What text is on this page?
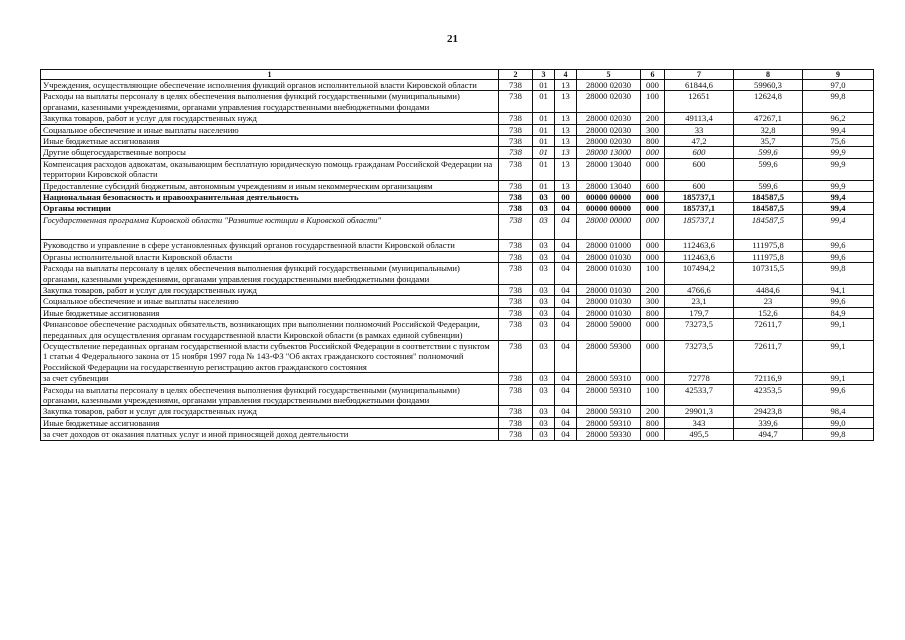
21
1	2	3	4	5	6	7	8	9
Учреждения, осуществляющие обеспечение исполнения функций органов исполнительной власти Кировской области	738	01	13	28000 02030	000	61844,6	59960,3	97,0
Расходы на выплаты персоналу в целях обеспечения выполнения функций государственными (муниципальными) органами, казенными учреждениями, органами управления государственными внебюджетными фондами	738	01	13	28000 02030	100	12651	12624,8	99,8
Закупка товаров, работ и услуг для государственных нужд	738	01	13	28000 02030	200	49113,4	47267,1	96,2
Социальное обеспечение и иные выплаты населению	738	01	13	28000 02030	300	33	32,8	99,4
Иные бюджетные ассигнования	738	01	13	28000 02030	800	47,2	35,7	75,6
Другие общегосударственные вопросы	738	01	13	28000 13000	000	600	599,6	99,9
Компенсация расходов адвокатам, оказывающим бесплатную юридическую помощь гражданам Российской Федерации на территории Кировской области	738	01	13	28000 13040	000	600	599,6	99,9
Предоставление субсидий бюджетным, автономным учреждениям и иным некоммерческим организациям	738	01	13	28000 13040	600	600	599,6	99,9
Национальная безопасность и правоохранительная деятельность	738	03	00	00000 00000	000	185737,1	184587,5	99,4
Органы юстиции	738	03	04	00000 00000	000	185737,1	184587,5	99,4
Государственная программа Кировской области "Развитие юстиции в Кировской области"	738	03	04	28000 00000	000	185737,1	184587,5	99,4
Руководство и управление в сфере установленных функций органов государственной власти Кировской области	738	03	04	28000 01000	000	112463,6	111975,8	99,6
Органы исполнительной власти Кировской области	738	03	04	28000 01030	000	112463,6	111975,8	99,6
Расходы на выплаты персоналу в целях обеспечения выполнения функций государственными (муниципальными) органами, казенными учреждениями, органами управления государственными внебюджетными фондами	738	03	04	28000 01030	100	107494,2	107315,5	99,8
Закупка товаров, работ и услуг для государственных нужд	738	03	04	28000 01030	200	4766,6	4484,6	94,1
Социальное обеспечение и иные выплаты населению	738	03	04	28000 01030	300	23,1	23	99,6
Иные бюджетные ассигнования	738	03	04	28000 01030	800	179,7	152,6	84,9
Финансовое обеспечение расходных обязательств, возникающих при выполнении полномочий Российской Федерации, переданных для осуществления органам государственной власти Кировской области (в рамках единой субвенции)	738	03	04	28000 59000	000	73273,5	72611,7	99,1
Осуществление переданных органам государственной власти субъектов Российской Федерации в соответствии с пунктом 1 статьи 4 Федерального закона от 15 ноября 1997 года № 143-ФЗ "Об актах гражданского состояния" полномочий Российской Федерации на государственную регистрацию актов гражданского состояния	738	03	04	28000 59300	000	73273,5	72611,7	99,1
за счет субвенции	738	03	04	28000 59310	000	72778	72116,9	99,1
Расходы на выплаты персоналу в целях обеспечения выполнения функций государственными (муниципальными) органами, казенными учреждениями, органами управления государственными внебюджетными фондами	738	03	04	28000 59310	100	42533,7	42353,5	99,6
Закупка товаров, работ и услуг для государственных нужд	738	03	04	28000 59310	200	29901,3	29423,8	98,4
Иные бюджетные ассигнования	738	03	04	28000 59310	800	343	339,6	99,0
за счет доходов от оказания платных услуг и иной приносящей доход деятельности	738	03	04	28000 59330	000	495,5	494,7	99,8
